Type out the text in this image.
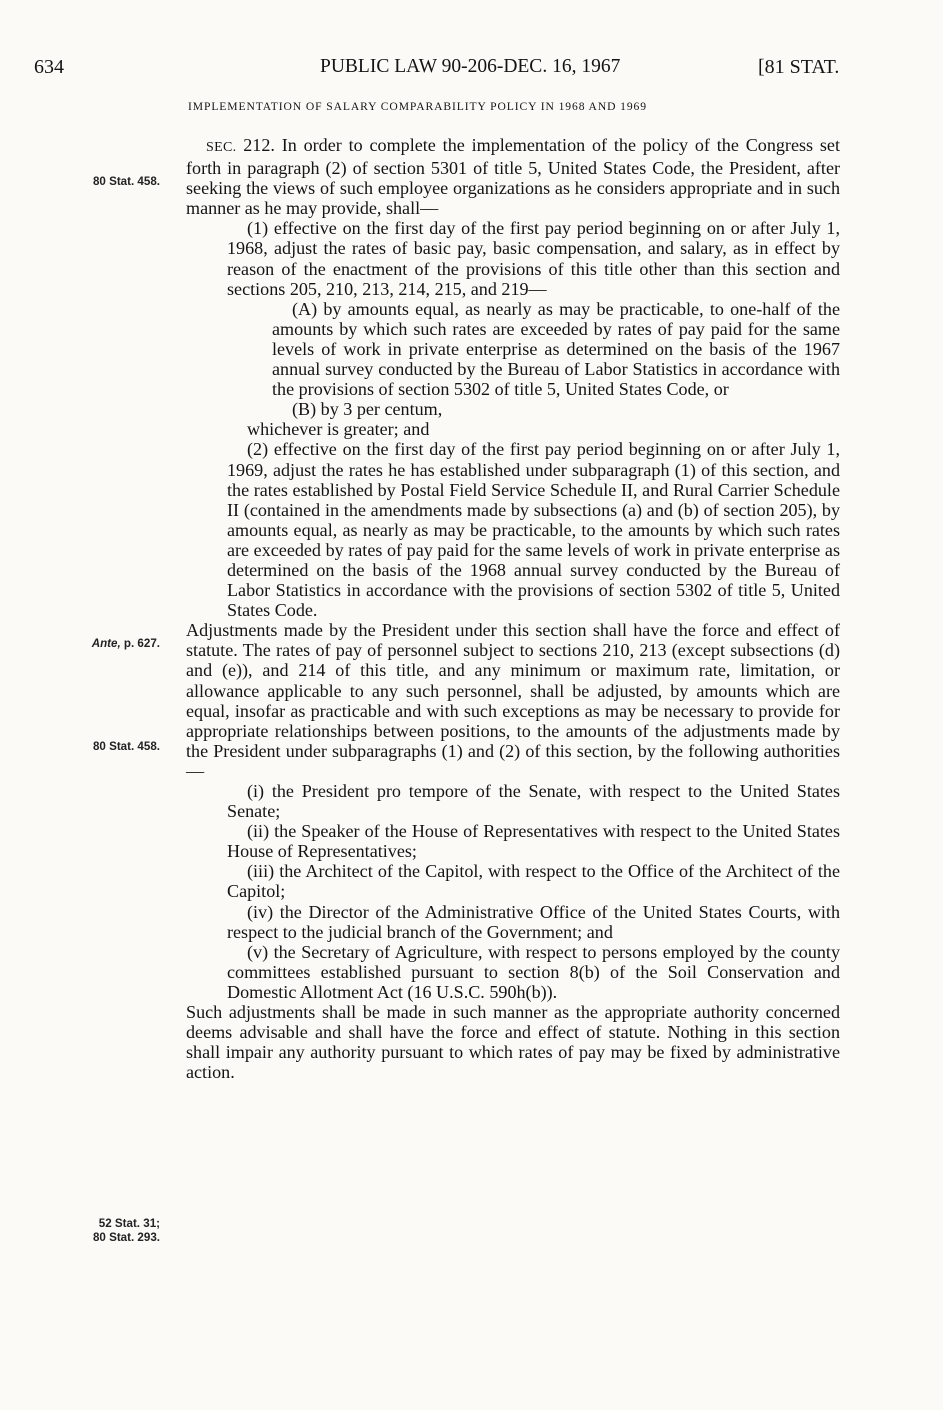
634	PUBLIC LAW 90-206-DEC. 16, 1967	[81 STAT.
IMPLEMENTATION OF SALARY COMPARABILITY POLICY IN 1968 AND 1969
80 Stat. 458.
Ante, p. 627.
80 Stat. 458.
52 Stat. 31;
80 Stat. 293.

SEC. 212. In order to complete the implementation of the policy of the Congress set forth in paragraph (2) of section 5301 of title 5, United States Code, the President, after seeking the views of such employee organizations as he considers appropriate and in such manner as he may provide, shall—

(1) effective on the first day of the first pay period beginning on or after July 1, 1968, adjust the rates of basic pay, basic compensation, and salary, as in effect by reason of the enactment of the provisions of this title other than this section and sections 205, 210, 213, 214, 215, and 219—

(A) by amounts equal, as nearly as may be practicable, to one-half of the amounts by which such rates are exceeded by rates of pay paid for the same levels of work in private enterprise as determined on the basis of the 1967 annual survey conducted by the Bureau of Labor Statistics in accordance with the provisions of section 5302 of title 5, United States Code, or

(B) by 3 per centum,

whichever is greater; and

(2) effective on the first day of the first pay period beginning on or after July 1, 1969, adjust the rates he has established under subparagraph (1) of this section, and the rates established by Postal Field Service Schedule II, and Rural Carrier Schedule II (contained in the amendments made by subsections (a) and (b) of section 205), by amounts equal, as nearly as may be practicable, to the amounts by which such rates are exceeded by rates of pay paid for the same levels of work in private enterprise as determined on the basis of the 1968 annual survey conducted by the Bureau of Labor Statistics in accordance with the provisions of section 5302 of title 5, United States Code.

Adjustments made by the President under this section shall have the force and effect of statute. The rates of pay of personnel subject to sections 210, 213 (except subsections (d) and (e)), and 214 of this title, and any minimum or maximum rate, limitation, or allowance applicable to any such personnel, shall be adjusted, by amounts which are equal, insofar as practicable and with such exceptions as may be necessary to provide for appropriate relationships between positions, to the amounts of the adjustments made by the President under subparagraphs (1) and (2) of this section, by the following authorities—

(i) the President pro tempore of the Senate, with respect to the United States Senate;

(ii) the Speaker of the House of Representatives with respect to the United States House of Representatives;

(iii) the Architect of the Capitol, with respect to the Office of the Architect of the Capitol;

(iv) the Director of the Administrative Office of the United States Courts, with respect to the judicial branch of the Government; and

(v) the Secretary of Agriculture, with respect to persons employed by the county committees established pursuant to section 8(b) of the Soil Conservation and Domestic Allotment Act (16 U.S.C. 590h(b)).

Such adjustments shall be made in such manner as the appropriate authority concerned deems advisable and shall have the force and effect of statute. Nothing in this section shall impair any authority pursuant to which rates of pay may be fixed by administrative action.
